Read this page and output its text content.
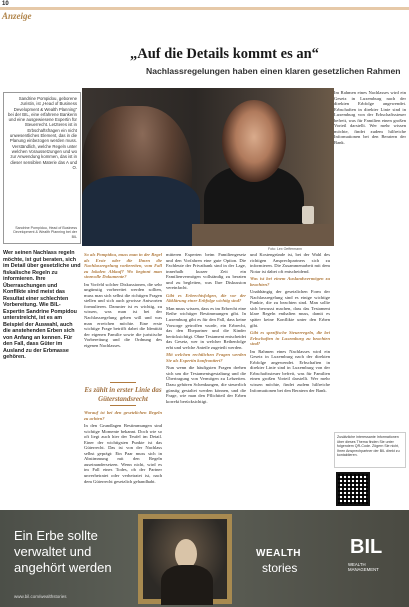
10
Anzeige
„Auf die Details kommt es an“
Nachlassregelungen haben einen klaren gesetzlichen Rahmen
Foto: Lex Oeffermann
Sandrine Pompidou, geborene Juristin, ist „Head of Business Development & Wealth Planning“ bei der BIL, eine erfahrene Bankerin und eine ausgewiesene Expertin für Steuerrecht. Letzteres ist in Erbschaftsfragen ein nicht unwesentliches Element, das in die Planung einbezogen werden muss. Verständlich, welche Regeln unter welchen Voraussetzungen und wo zur Anwendung kommen, das ist in dieser sensiblen Materie das A und O.
Sandrine Pompidou, Head of Business Development & Wealth Planning bei der BIL
Wer seinen Nachlass regeln möchte, ist gut beraten, sich im Detail über gesetzliche und fiskalische Regeln zu informieren. Ihre Überraschungen und Konflikte sind meist das Resultat einer schlechten Vorbereitung. Wie BIL-Expertin Sandrine Pompidou unterstreicht, ist es am Beispiel der Auswahl, auch die anstehenden Erben sich von Anfang an kennen. Für den Fall, dass Güter im Ausland zu der Erbmasse gehören.

So als Pompidou, muss man in der Regel als Erste oder die Ihnen die Nachlassregelung vorbereiten, vom Fall zu lokalen Ablauf? Wo beginnt man sinnvolle Dokumente?

Im Vorfeld solcher Diskussionen, die sehr ungünstig vorbereitet werden sollten, muss man sich selbst die richtigen Fragen stellen und sich auch gewisse Antworten formulieren. Darunter ist es wichtig, zu wissen, was man ist bei der Nachlassregelung gehen will und was man erreichen möchte. Eine erste wichtige Frage betrifft dabei die Identität der eigenen Familie sowie die juristische Vorbereitung und die Ordnung des eigenen Nachlasses.

Es zählt in erster Linie das Güterstandsrecht

Worauf ist bei den gesetzlichen Regeln zu achten?

In den Grundlagen Bestimmungen sind wichtige Momente bekannt. Doch wie so oft liegt auch hier der Teufel im Detail. Einer der wichtigsten Punkte ist das Güterrecht. Das ist von der Nachlass selbst geprägt: Ein Paar muss sich in Abstimmung mit den Regeln auseinandersetzen. Wenn nicht, wird es im Fall eines Todes, ob der Partner unverheiratet oder verheiratet ist, nach dem Güterrecht gesetzlich gehandhabt.

mitteren Experten beim Familiengesetz und den Vorfahren eine gute Option. Die Fachleute der Privatbank sind in der Lage, innerhalb kurzer Zeit ein Familienvermögen vollständig zu beraten und zu begleiten, was Ihre Diskussion vereinfacht.

Gibt es Erbrechtsfolgen, die vor der Abklärung einer Erbfolge wichtig sind?

Man muss wissen, dass es im Erbrecht eine Reihe wichtiger Bestimmungen gibt. In Luxemburg gibt es für den Fall, dass keine Vorsorge getroffen wurde, ein Erbrecht, das den Ehepartner und die Kinder berücksichtigt. Ohne Testament entscheidet das Gesetz, wer in welcher Reihenfolge erbt und welche Anteile zugeteilt werden.

Mit welchen rechtlichen Fragen werden Sie als Expertin konfrontiert?

Nun wenn die häufigsten Fragen drehen sich um die Testamentsgestaltung und die Übertragung von Vermögen zu Lebzeiten. Dazu gehören Schenkungen, die steuerlich günstig gestaltet werden können, und die Frage, wie man den Pflichtteil der Erben korrekt berücksichtigt.

und Kostengründe ist, bei der Wahl des richtigen Ansprechpartners sich zu informieren. Die Zusammenarbeit mit dem Notar ist dabei oft entscheidend.

Was ist bei einem Auslandsvermögen zu beachten?

Unabhängig der gesetzlichen Form der Nachlassregelung sind es einige wichtige Punkte, die zu beachten sind. Man sollte sich bewusst machen, dass das Testament klare Regeln enthalten muss, damit es später keine Konflikte unter den Erben gibt.

Gibt es spezifische Steuerregeln, die bei Erbschaften in Luxemburg zu beachten sind?

Im Rahmen eines Nachlasses wird ein Gesetz in Luxemburg nach der direkten Erbfolge angewendet. Erbschaften in direkter Linie sind in Luxemburg von der Erbschaftssteuer befreit, was für Familien einen großen Vorteil darstellt. Wer mehr wissen möchte, findet zudem hilfreiche Informationen bei den Beratern der Bank.

Im Rahmen eines Nachlasses wird ein Gesetz in Luxemburg nach der direkten Erbfolge angewendet. Erbschaften in direkter Linie sind in Luxemburg von der Erbschaftssteuer befreit, was für Familien einen großen Vorteil darstellt. Wer mehr wissen möchte, findet zudem hilfreiche Informationen bei den Beratern der Bank.

Zusätzliche interessante Informationen über dieses Thema finden Sie unter folgendem QR-Code. Zögern Sie nicht, Ihren Ansprechpartner der BIL direkt zu kontaktieren.
Ein Erbe sollte
verwaltet und
angehört werden
www.bil.com/wealthstories
WEALTH
stories
BIL
WEALTH
MANAGEMENT
